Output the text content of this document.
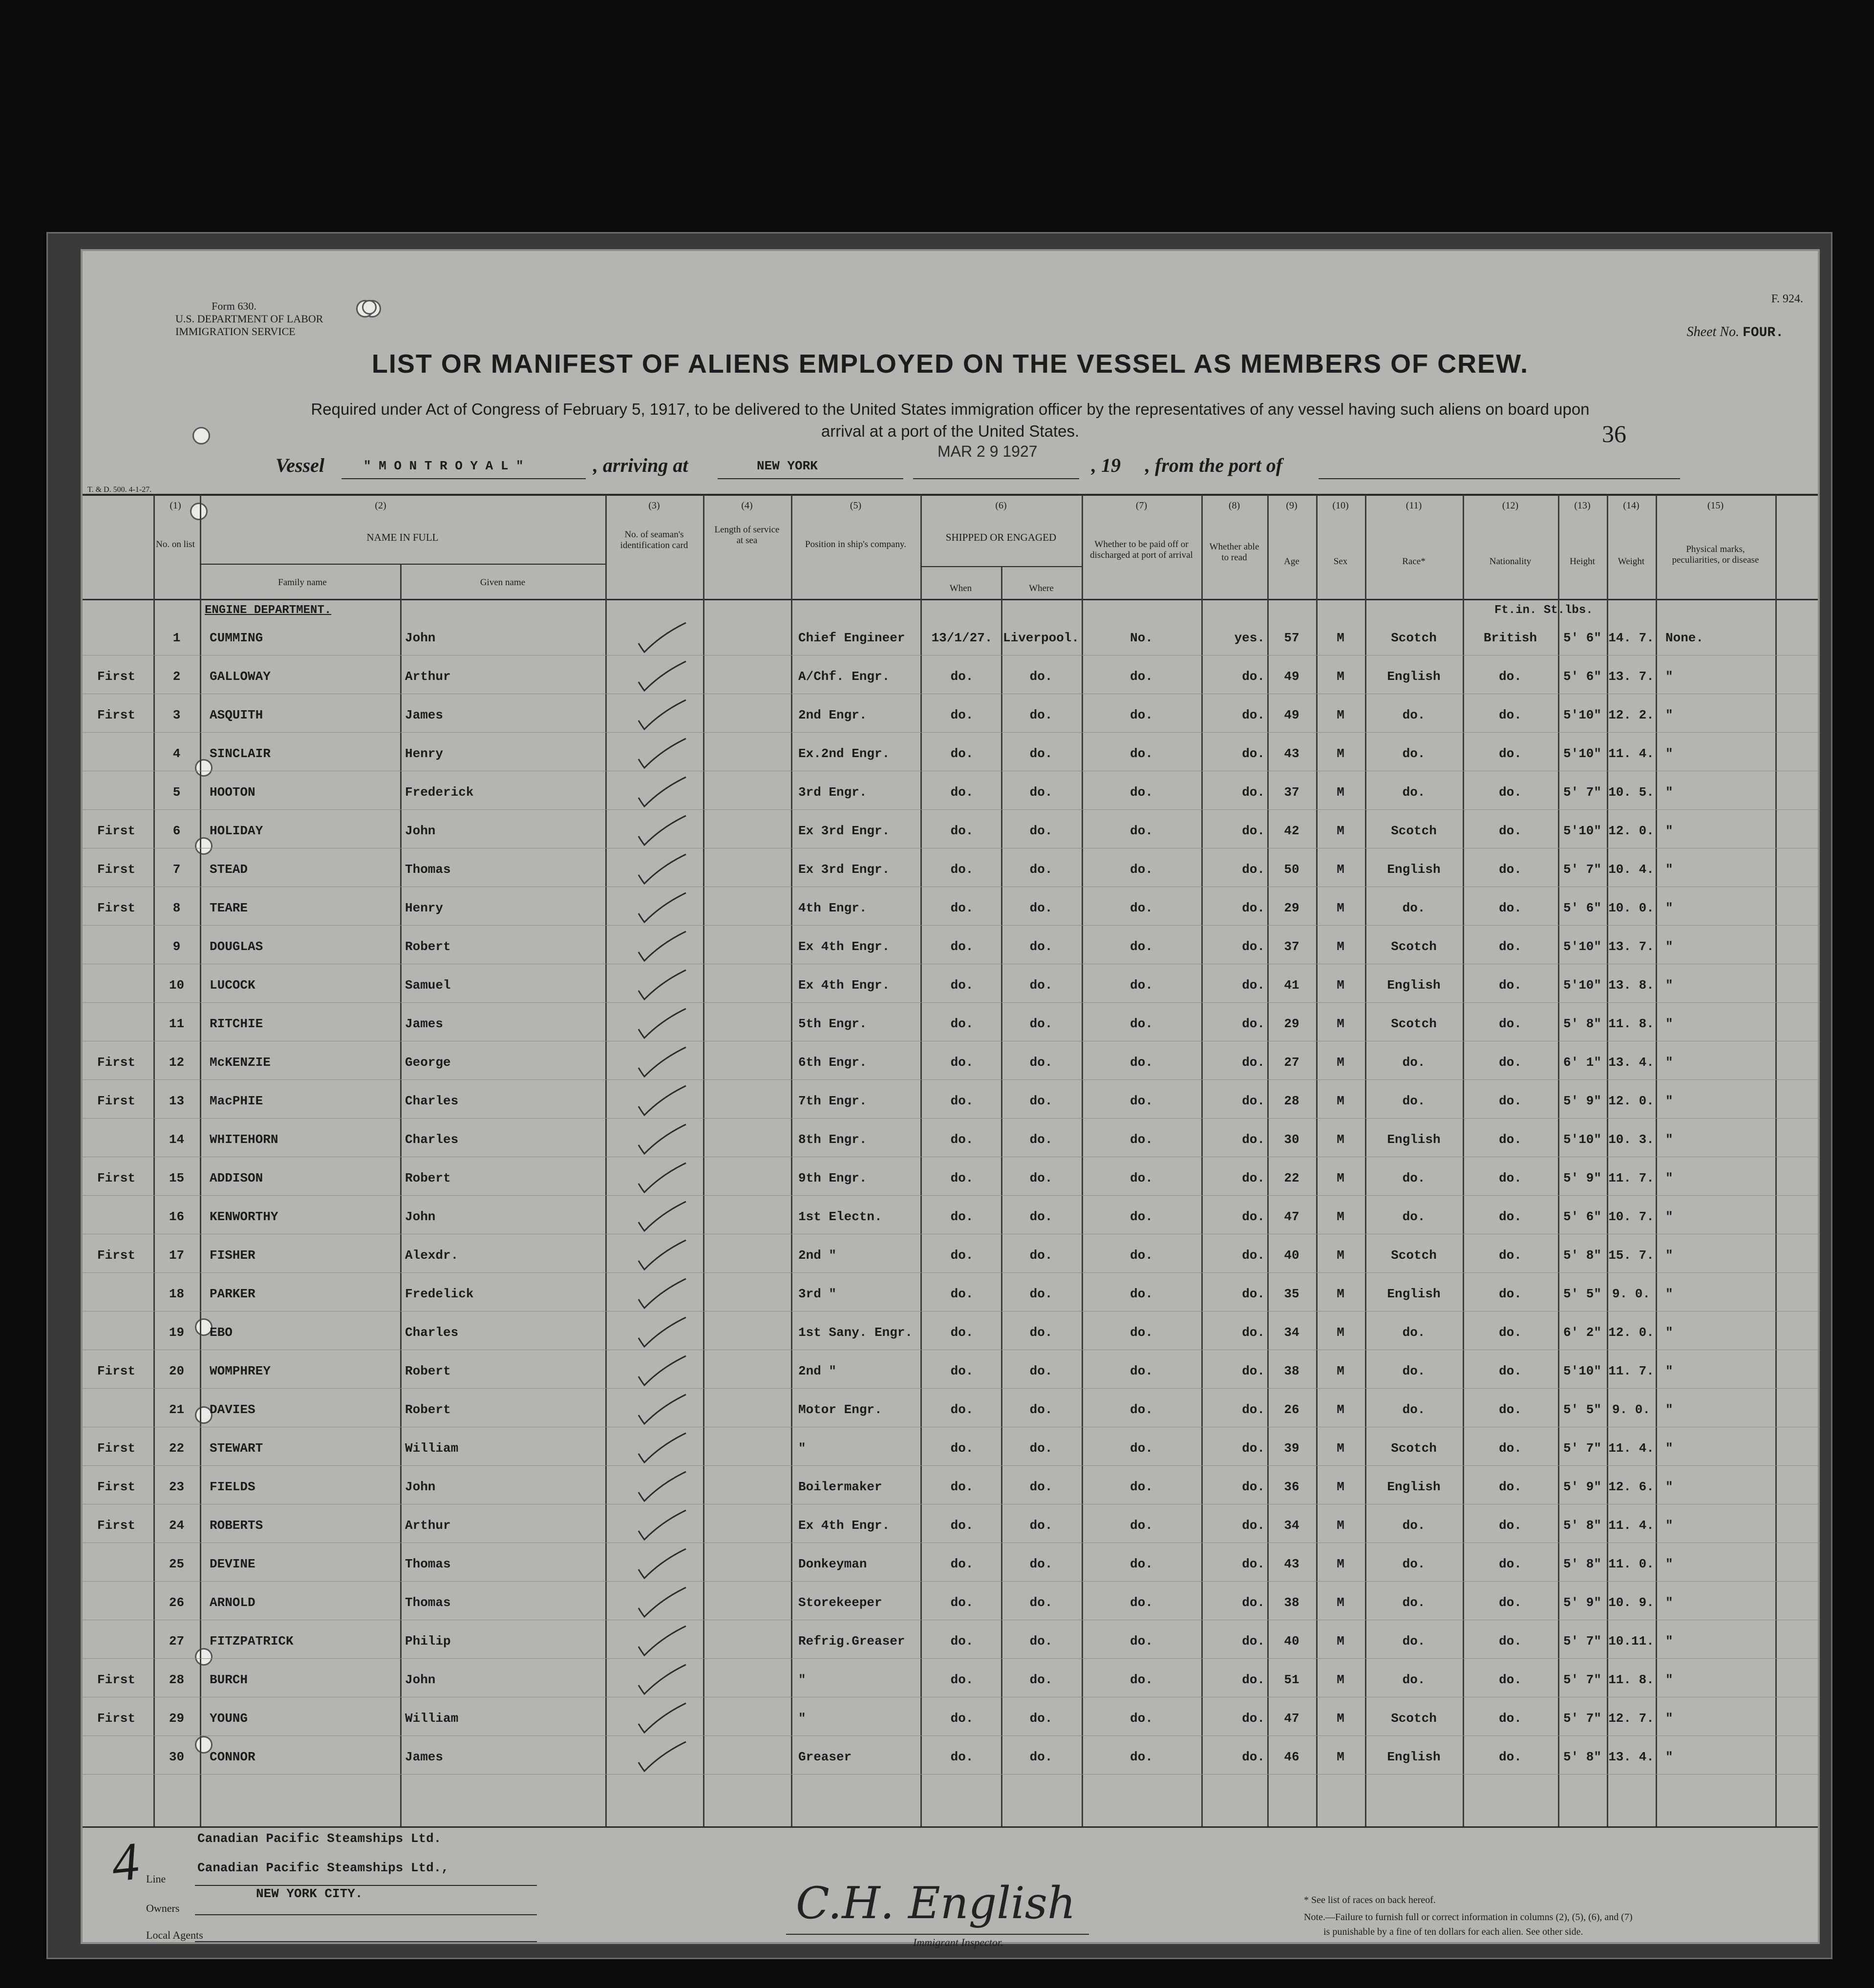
Form 630.
U.S. DEPARTMENT OF LABOR
IMMIGRATION SERVICE
F. 924.
Sheet No. FOUR.
LIST OR MANIFEST OF ALIENS EMPLOYED ON THE VESSEL AS MEMBERS OF CREW.
Required under Act of Congress of February 5, 1917, to be delivered to the United States immigration officer by the representatives of any vessel having such aliens on board upon
arrival at a port of the United States.	36
Vessel	" M O N T R O Y A L "	, arriving at	NEW YORK
MAR 2 9 1927
, 19 , from the port of
T. & D. 500. 4-1-27.
(1)	(2)	(3)	(4)	(5)	(6)	(7)	(8)	(9)	(10)	(11)	(12)	(13)	(14)	(15)
No. on list
NAME IN FULL
Family name	Given name
No. of seaman's identification card
Length of service at sea	Position in ship's company.
SHIPPED OR ENGAGED
When	Where
Whether to be paid off or discharged at port of arrival
Whether able to read	Age	Sex	Race*	Nationality	Height	Weight
Physical marks, peculiarities, or disease
ENGINE DEPARTMENT.	Ft.in. St.lbs.
1	CUMMING	John	Chief Engineer	13/1/27. Liverpool.	No.	yes.	57	M	Scotch	British	5' 6" 14. 7. None.
First	2	GALLOWAY	Arthur	A/Chf. Engr.	do.	do.	do.	do.	49	M	English	do.	5' 6" 13. 7. "
First	3	ASQUITH	James	2nd Engr.	do.	do.	do.	do.	49	M	do.	do.	5'10" 12. 2. "
4	SINCLAIR	Henry	Ex.2nd Engr.	do.	do.	do.	do.	43	M	do.	do.	5'10" 11. 4. "
5	HOOTON	Frederick	3rd Engr.	do.	do.	do.	do.	37	M	do.	do.	5' 7" 10. 5. "
First	6	HOLIDAY	John	Ex 3rd Engr.	do.	do.	do.	do.	42	M	Scotch	do.	5'10" 12. 0. "
First	7	STEAD	Thomas	Ex 3rd Engr.	do.	do.	do.	do.	50	M	English	do.	5' 7" 10. 4. "
First	8	TEARE	Henry	4th Engr.	do.	do.	do.	do.	29	M	do.	do.	5' 6" 10. 0. "
9	DOUGLAS	Robert	Ex 4th Engr.	do.	do.	do.	do.	37	M	Scotch	do.	5'10" 13. 7. "
10	LUCOCK	Samuel	Ex 4th Engr.	do.	do.	do.	do.	41	M	English	do.	5'10" 13. 8. "
11	RITCHIE	James	5th Engr.	do.	do.	do.	do.	29	M	Scotch	do.	5' 8" 11. 8. "
First	12	McKENZIE	George	6th Engr.	do.	do.	do.	do.	27	M	do.	do.	6' 1" 13. 4. "
First	13	MacPHIE	Charles	7th Engr.	do.	do.	do.	do.	28	M	do.	do.	5' 9" 12. 0. "
14	WHITEHORN	Charles	8th Engr.	do.	do.	do.	do.	30	M	English	do.	5'10" 10. 3. "
First	15	ADDISON	Robert	9th Engr.	do.	do.	do.	do.	22	M	do.	do.	5' 9" 11. 7. "
16	KENWORTHY	John	1st Electn.	do.	do.	do.	do.	47	M	do.	do.	5' 6" 10. 7. "
First	17	FISHER	Alexdr.	2nd "	do.	do.	do.	do.	40	M	Scotch	do.	5' 8" 15. 7. "
18	PARKER	Fredelick	3rd "	do.	do.	do.	do.	35	M	English	do.	5' 5" 9. 0.	"
19	EBO	Charles	1st Sany. Engr.	do.	do.	do.	do.	34	M	do.	do.	6' 2" 12. 0. "
First	20	WOMPHREY	Robert	2nd "	do.	do.	do.	do.	38	M	do.	do.	5'10" 11. 7. "
21	DAVIES	Robert	Motor Engr.	do.	do.	do.	do.	26	M	do.	do.	5' 5" 9. 0.	"
First	22	STEWART	William	"	do.	do.	do.	do.	39	M	Scotch	do.	5' 7" 11. 4. "
First	23	FIELDS	John	Boilermaker	do.	do.	do.	do.	36	M	English	do.	5' 9" 12. 6. "
First	24	ROBERTS	Arthur	Ex 4th Engr.	do.	do.	do.	do.	34	M	do.	do.	5' 8" 11. 4. "
25	DEVINE	Thomas	Donkeyman	do.	do.	do.	do.	43	M	do.	do.	5' 8" 11. 0. "
26	ARNOLD	Thomas	Storekeeper	do.	do.	do.	do.	38	M	do.	do.	5' 9" 10. 9. "
27	FITZPATRICK	Philip	Refrig.Greaser	do.	do.	do.	do.	40	M	do.	do.	5' 7" 10.11. "
First	28	BURCH	John	"	do.	do.	do.	do.	51	M	do.	do.	5' 7" 11. 8. "
First	29	YOUNG	William	"	do.	do.	do.	do.	47	M	Scotch	do.	5' 7" 12. 7. "
30	CONNOR	James	Greaser	do.	do.	do.	do.	46	M	English	do.	5' 8" 13. 4. "
4 Line
Canadian Pacific Steamships Ltd.
Owners
Canadian Pacific Steamships Ltd.,
Local Agents
NEW YORK CITY.	C.H. English
Immigrant Inspector.
* See list of races on back hereof.
Note.—Failure to furnish full or correct information in columns (2), (5), (6), and (7)
is punishable by a fine of ten dollars for each alien. See other side.
